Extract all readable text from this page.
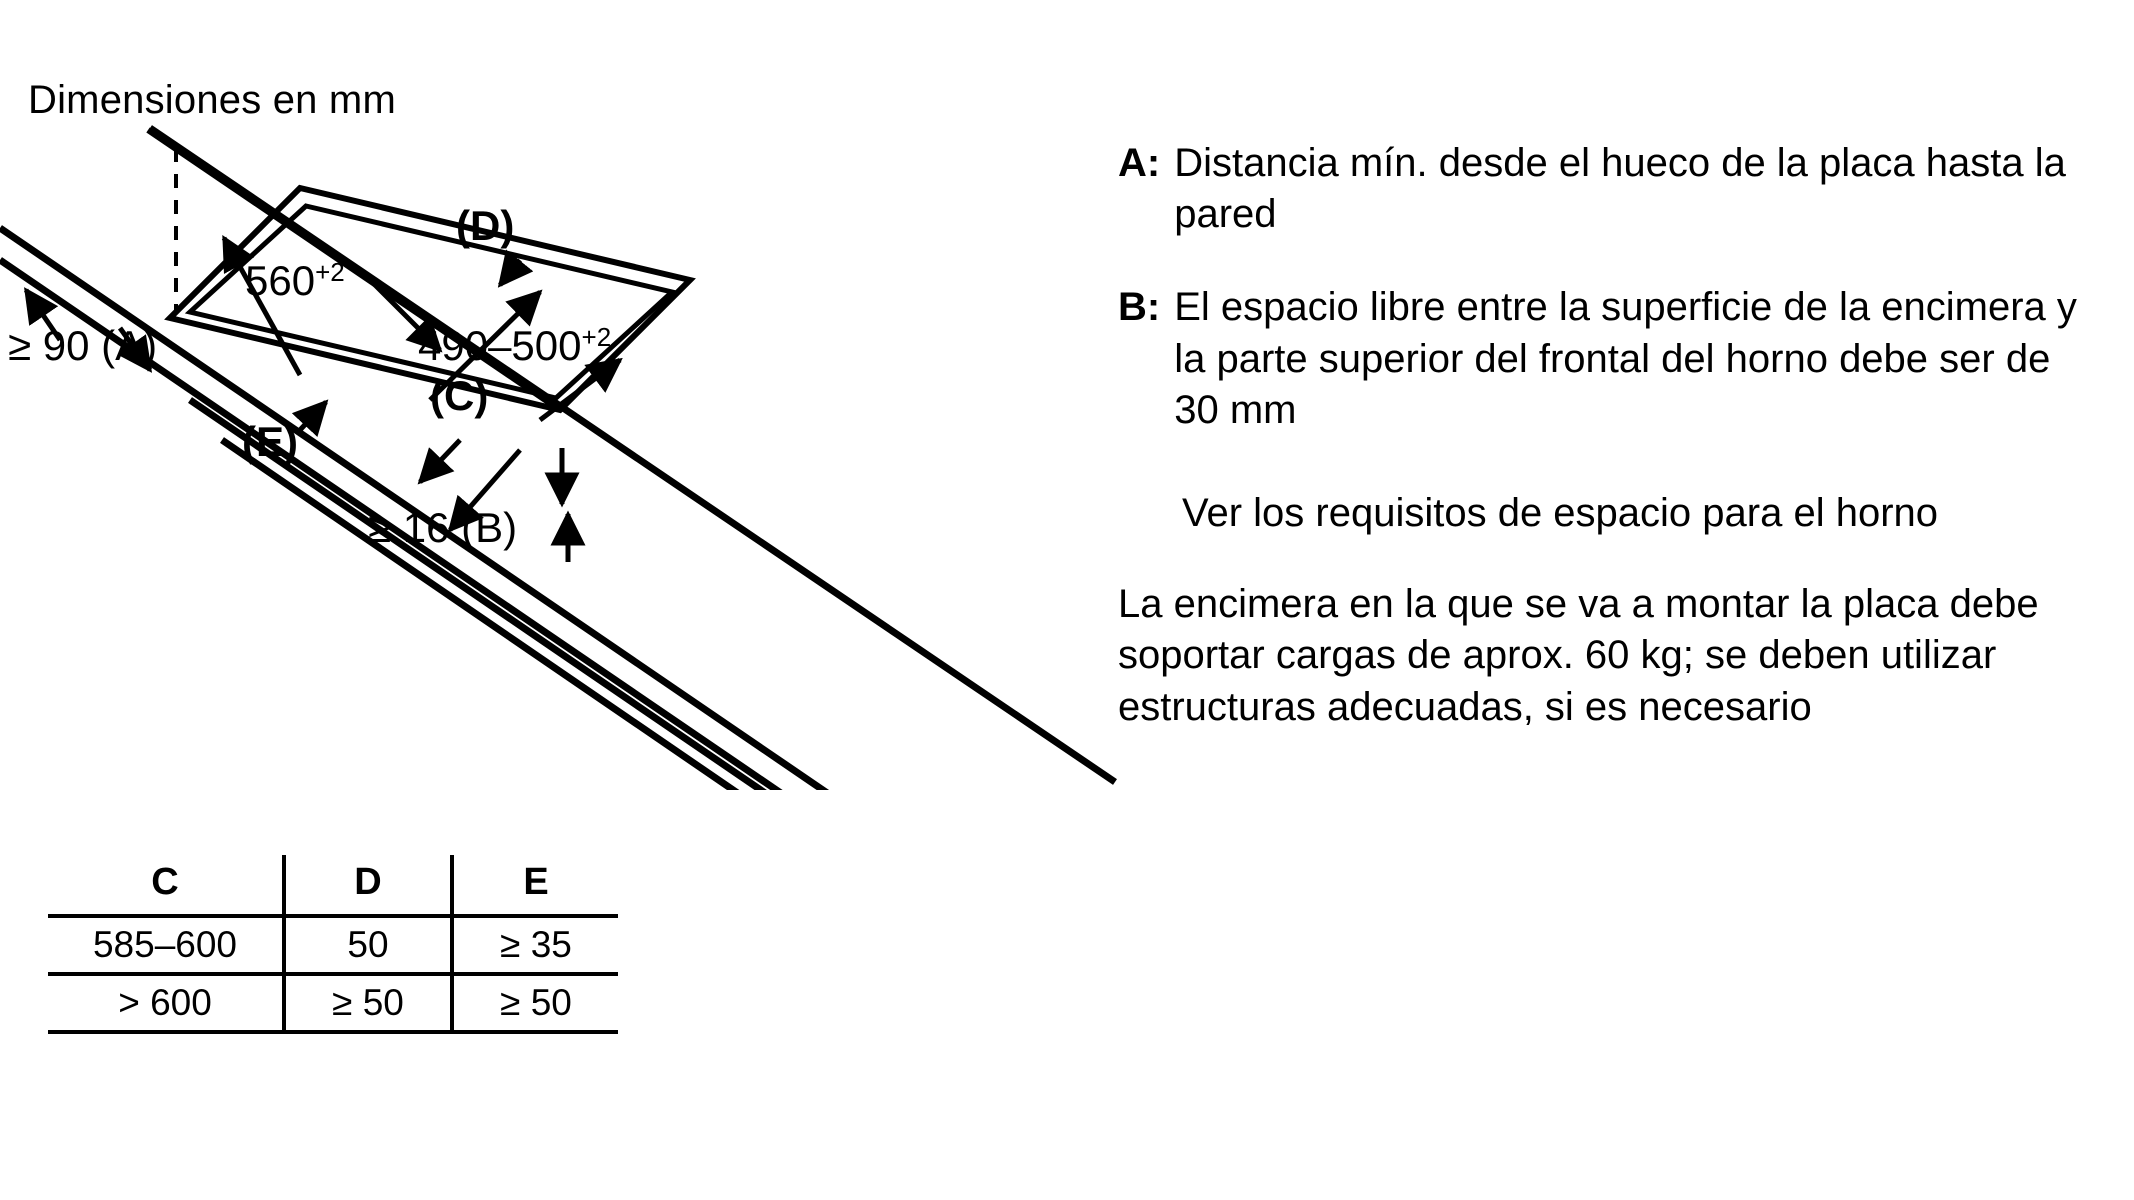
Dimensiones en mm
$560^{+2}$
$490-500^{+2}$
≥ 90 (A)
≥ 16 (B)
(C)
(D)
(E)
C	D	E
585–600	50	≥ 35
> 600	≥ 50	≥ 50
A: Distancia mín. desde el hueco de la placa hasta la pared
B: El espacio libre entre la superficie de la encimera y la parte superior del frontal del horno debe ser de 30 mm
Ver los requisitos de espacio para el horno
La encimera en la que se va a montar la placa debe soportar cargas de aprox. 60 kg; se deben utilizar estructuras adecuadas, si es necesario
